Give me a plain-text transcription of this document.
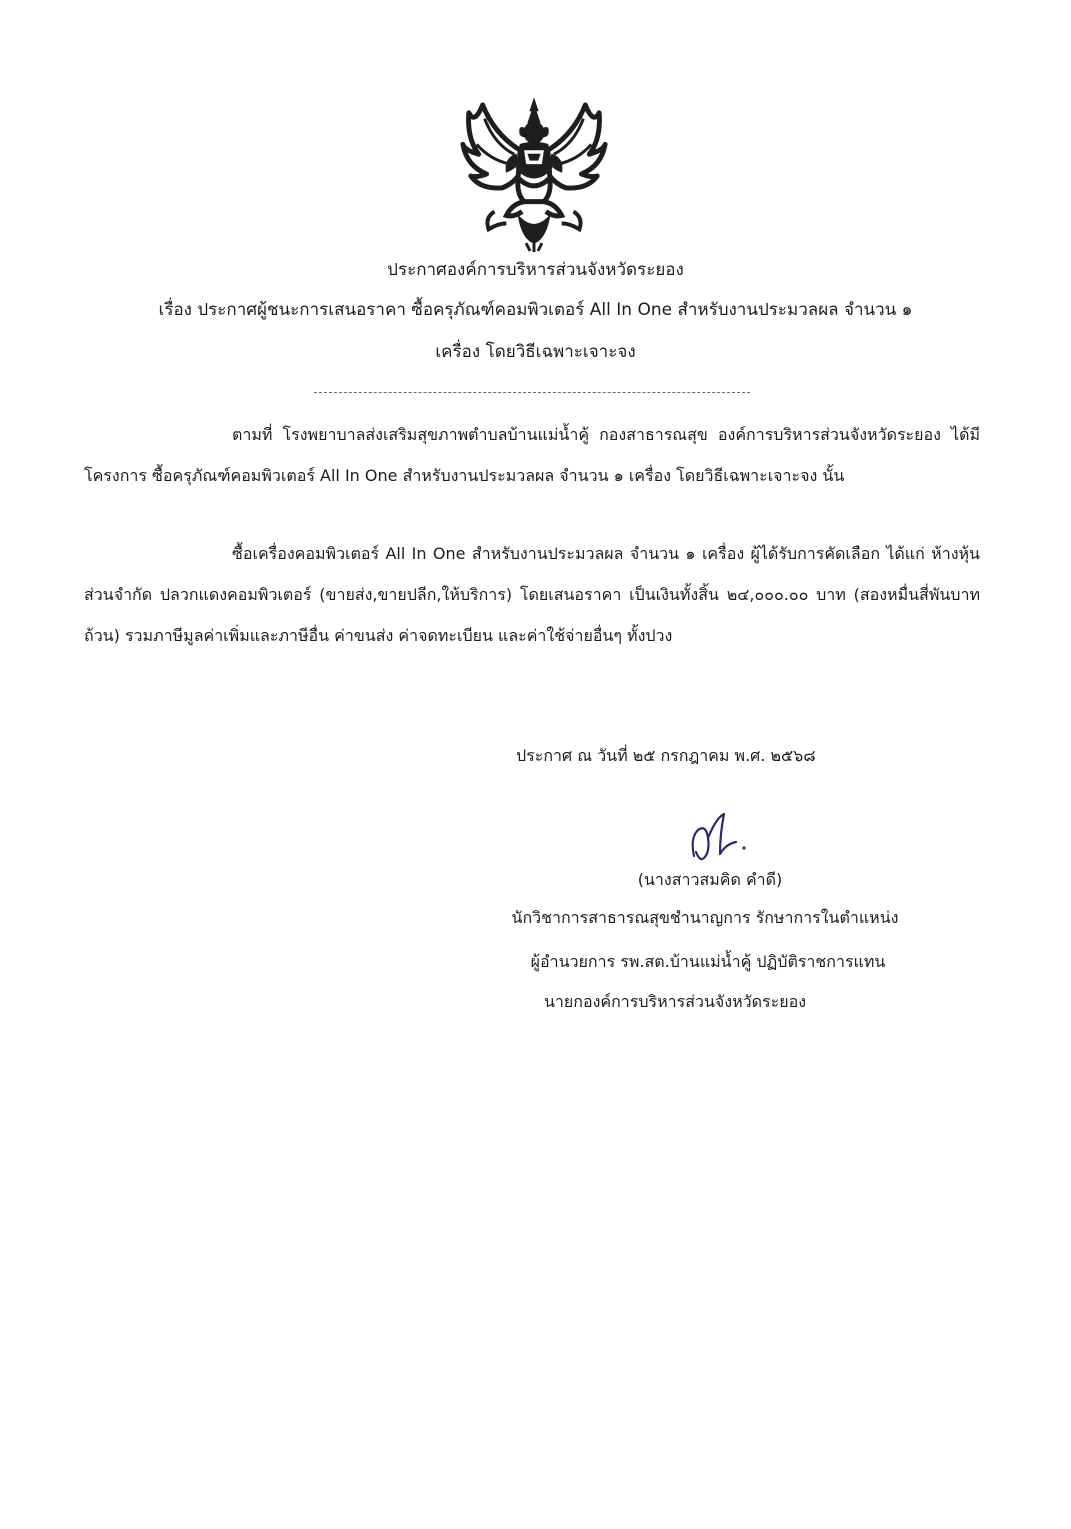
ประกาศองค์การบริหารส่วนจังหวัดระยอง
เรื่อง ประกาศผู้ชนะการเสนอราคา ซื้อครุภัณฑ์คอมพิวเตอร์ All In One สำหรับงานประมวลผล จำนวน ๑
เครื่อง โดยวิธีเฉพาะเจาะจง

ตามที่ โรงพยาบาลส่งเสริมสุขภาพตำบลบ้านแม่น้ำคู้ กองสาธารณสุข องค์การบริหารส่วนจังหวัดระยอง ได้มีโครงการ ซื้อครุภัณฑ์คอมพิวเตอร์ All In One สำหรับงานประมวลผล จำนวน ๑ เครื่อง โดยวิธีเฉพาะเจาะจง นั้น

ซื้อเครื่องคอมพิวเตอร์ All In One สำหรับงานประมวลผล จำนวน ๑ เครื่อง ผู้ได้รับการคัดเลือก ได้แก่ ห้างหุ้นส่วนจำกัด ปลวกแดงคอมพิวเตอร์ (ขายส่ง,ขายปลีก,ให้บริการ) โดยเสนอราคา เป็นเงินทั้งสิ้น ๒๔,๐๐๐.๐๐ บาท (สองหมื่นสี่พันบาทถ้วน) รวมภาษีมูลค่าเพิ่มและภาษีอื่น ค่าขนส่ง ค่าจดทะเบียน และค่าใช้จ่ายอื่นๆ ทั้งปวง

ประกาศ ณ วันที่ ๒๕ กรกฎาคม พ.ศ. ๒๕๖๘
(นางสาวสมคิด คำดี)
นักวิชาการสาธารณสุขชำนาญการ รักษาการในตำแหน่ง
ผู้อำนวยการ รพ.สต.บ้านแม่น้ำคู้ ปฏิบัติราชการแทน
นายกองค์การบริหารส่วนจังหวัดระยอง
